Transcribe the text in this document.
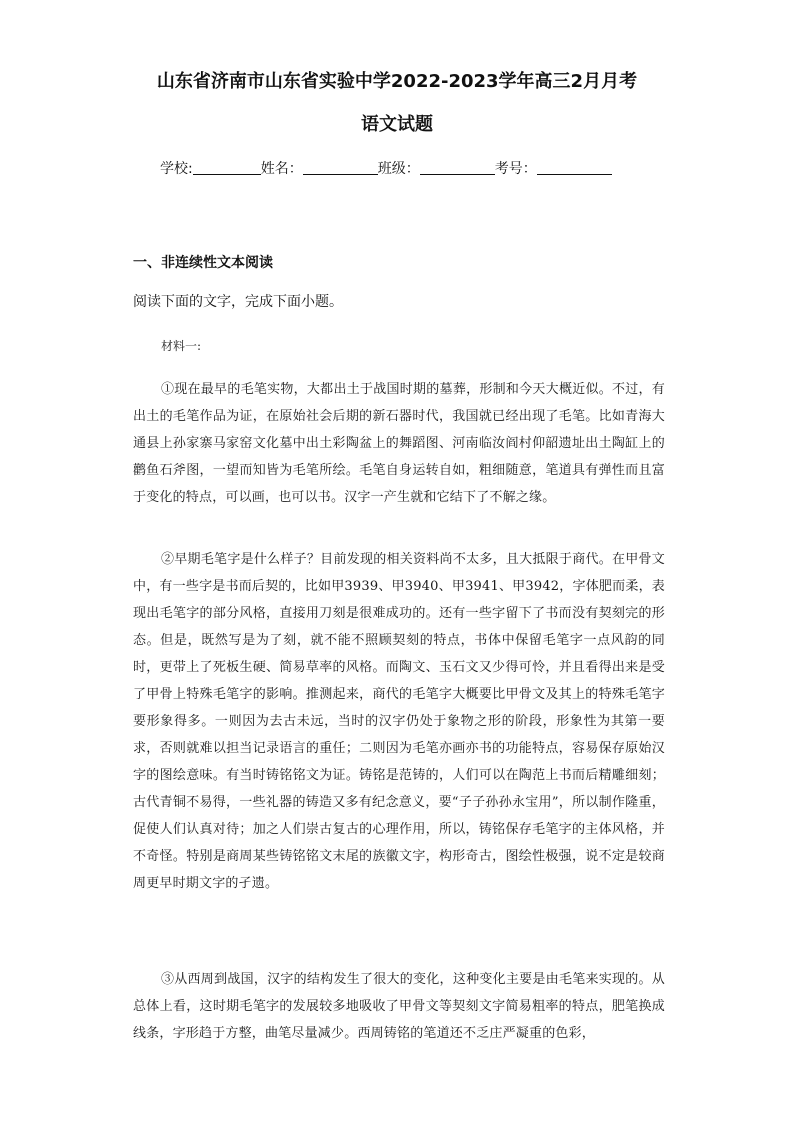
山东省济南市山东省实验中学2022-2023学年高三2月月考
语文试题
学校:	姓名：	班级：	考号：
一、非连续性文本阅读
阅读下面的文字，完成下面小题。
材料一:
①现在最早的毛笔实物，大都出土于战国时期的墓葬，形制和今天大概近似。不过，有出土的毛笔作品为证，在原始社会后期的新石器时代，我国就已经出现了毛笔。比如青海大通县上孙家寨马家窑文化墓中出土彩陶盆上的舞蹈图、河南临汝阎村仰韶遗址出土陶缸上的鹳鱼石斧图，一望而知皆为毛笔所绘。毛笔自身运转自如，粗细随意，笔道具有弹性而且富于变化的特点，可以画，也可以书。汉字一产生就和它结下了不解之缘。
②早期毛笔字是什么样子？目前发现的相关资料尚不太多，且大抵限于商代。在甲骨文中，有一些字是书而后契的，比如甲3939、甲3940、甲3941、甲3942，字体肥而柔，表现出毛笔字的部分风格，直接用刀刻是很难成功的。还有一些字留下了书而没有契刻完的形态。但是，既然写是为了刻，就不能不照顾契刻的特点，书体中保留毛笔字一点风韵的同时，更带上了死板生硬、简易草率的风格。而陶文、玉石文又少得可怜，并且看得出来是受了甲骨上特殊毛笔字的影响。推测起来，商代的毛笔字大概要比甲骨文及其上的特殊毛笔字要形象得多。一则因为去古未远，当时的汉字仍处于象物之形的阶段，形象性为其第一要求，否则就难以担当记录语言的重任；二则因为毛笔亦画亦书的功能特点，容易保存原始汉字的图绘意味。有当时铸铭铭文为证。铸铭是范铸的，人们可以在陶范上书而后精雕细刻；古代青铜不易得，一些礼器的铸造又多有纪念意义，要“子子孙孙永宝用”，所以制作隆重，促使人们认真对待；加之人们崇古复古的心理作用，所以，铸铭保存毛笔字的主体风格，并不奇怪。特别是商周某些铸铭铭文末尾的族徽文字，构形奇古，图绘性极强，说不定是较商周更早时期文字的孑遗。
③从西周到战国，汉字的结构发生了很大的变化，这种变化主要是由毛笔来实现的。从总体上看，这时期毛笔字的发展较多地吸收了甲骨文等契刻文字简易粗率的特点，肥笔换成线条，字形趋于方整，曲笔尽量减少。西周铸铭的笔道还不乏庄严凝重的色彩，
